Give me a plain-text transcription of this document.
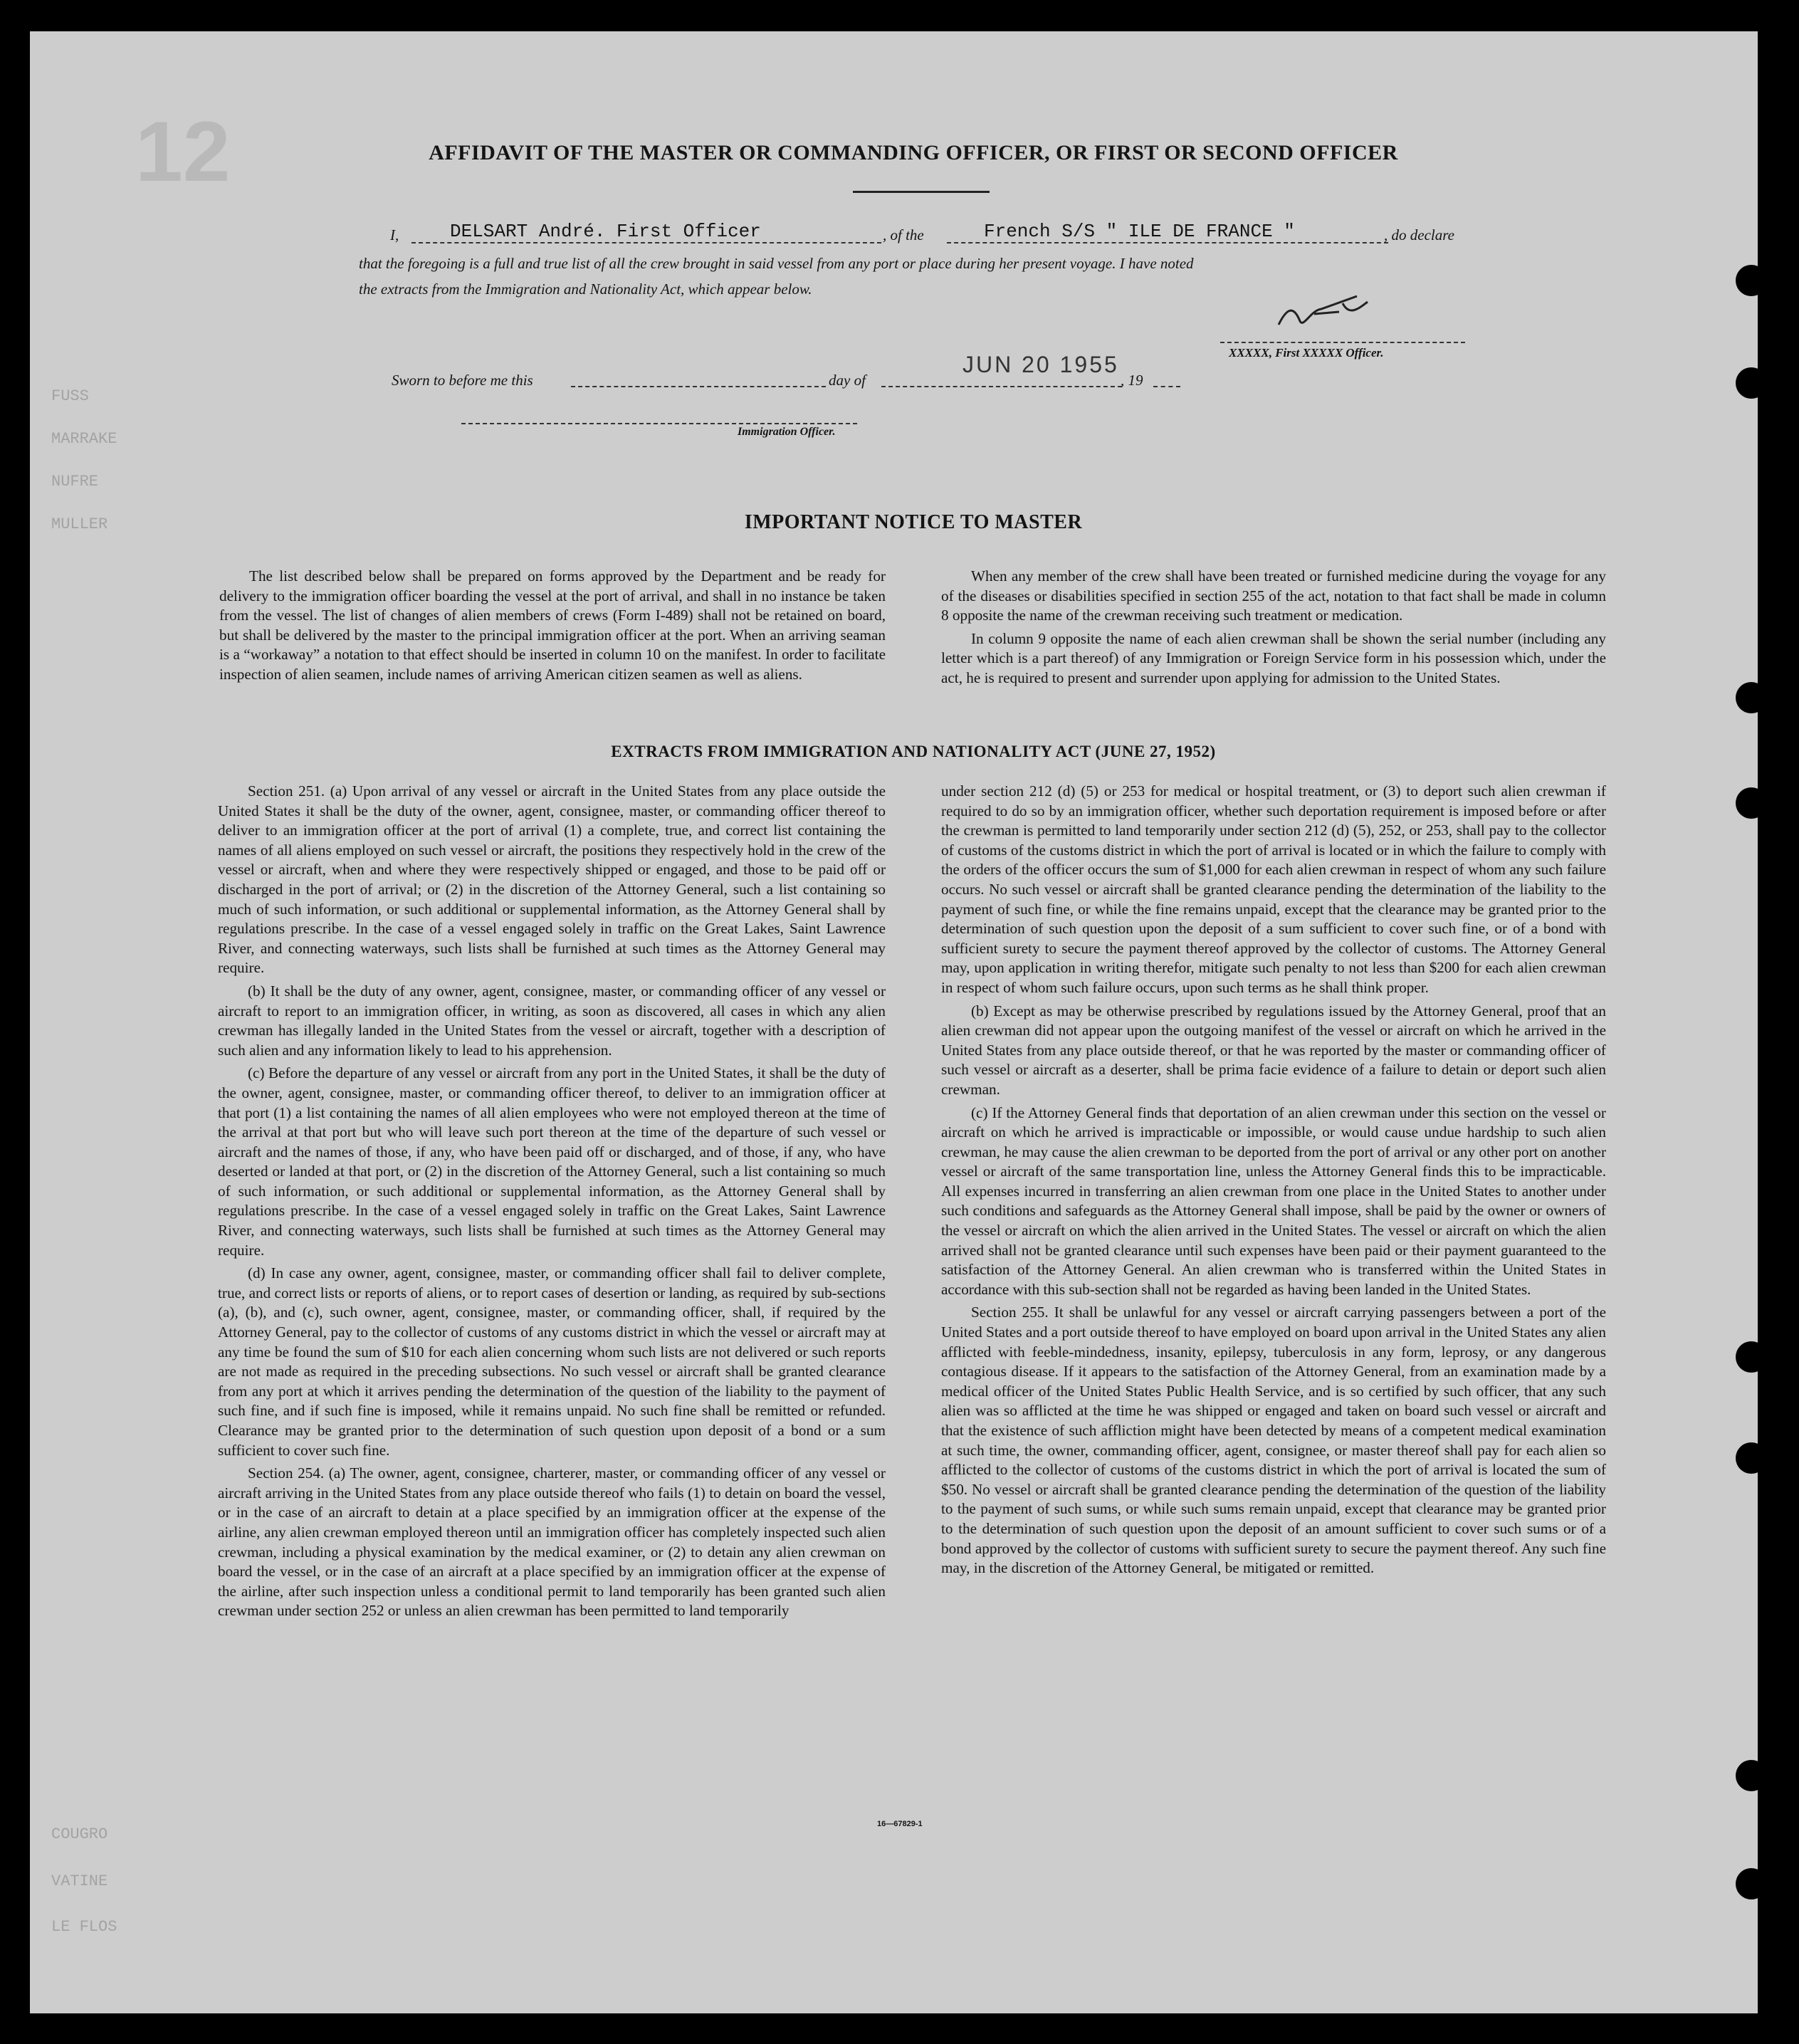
12
FUSS
MARRAKE
NUFRE
MULLER
COUGRO
VATINE
LE FLOS
AFFIDAVIT OF THE MASTER OR COMMANDING OFFICER, OR FIRST OR SECOND OFFICER
I,	DELSART André. First Officer	, of the	French S/S " ILE DE FRANCE "	, do declare
that the foregoing is a full and true list of all the crew brought in said vessel from any port or place during her present voyage. I have noted
the extracts from the Immigration and Nationality Act, which appear below.
XXXXX, First XXXXX Officer.
Sworn to before me this	day of
JUN 20 1955
, 19
Immigration Officer.
IMPORTANT NOTICE TO MASTER

The list described below shall be prepared on forms approved by the Department and be ready for delivery to the immigration officer boarding the vessel at the port of arrival, and shall in no instance be taken from the vessel. The list of changes of alien members of crews (Form I-489) shall not be retained on board, but shall be delivered by the master to the principal immigration officer at the port. When an arriving seaman is a “workaway” a notation to that effect should be inserted in column 10 on the manifest. In order to facilitate inspection of alien seamen, include names of arriving American citizen seamen as well as aliens.

When any member of the crew shall have been treated or furnished medicine during the voyage for any of the diseases or disabilities specified in section 255 of the act, notation to that fact shall be made in column 8 opposite the name of the crewman receiving such treatment or medication.

In column 9 opposite the name of each alien crewman shall be shown the serial number (including any letter which is a part thereof) of any Immigration or Foreign Service form in his possession which, under the act, he is required to present and surrender upon applying for admission to the United States.

EXTRACTS FROM IMMIGRATION AND NATIONALITY ACT (JUNE 27, 1952)

Section 251. (a) Upon arrival of any vessel or aircraft in the United States from any place outside the United States it shall be the duty of the owner, agent, consignee, master, or commanding officer thereof to deliver to an immigration officer at the port of arrival (1) a complete, true, and correct list containing the names of all aliens employed on such vessel or aircraft, the positions they respectively hold in the crew of the vessel or aircraft, when and where they were respectively shipped or engaged, and those to be paid off or discharged in the port of arrival; or (2) in the discretion of the Attorney General, such a list containing so much of such information, or such additional or supplemental information, as the Attorney General shall by regulations prescribe. In the case of a vessel engaged solely in traffic on the Great Lakes, Saint Lawrence River, and connecting waterways, such lists shall be furnished at such times as the Attorney General may require.

(b) It shall be the duty of any owner, agent, consignee, master, or commanding officer of any vessel or aircraft to report to an immigration officer, in writing, as soon as discovered, all cases in which any alien crewman has illegally landed in the United States from the vessel or aircraft, together with a description of such alien and any information likely to lead to his apprehension.

(c) Before the departure of any vessel or aircraft from any port in the United States, it shall be the duty of the owner, agent, consignee, master, or commanding officer thereof, to deliver to an immigration officer at that port (1) a list containing the names of all alien employees who were not employed thereon at the time of the arrival at that port but who will leave such port thereon at the time of the departure of such vessel or aircraft and the names of those, if any, who have been paid off or discharged, and of those, if any, who have deserted or landed at that port, or (2) in the discretion of the Attorney General, such a list containing so much of such information, or such additional or supplemental information, as the Attorney General shall by regulations prescribe. In the case of a vessel engaged solely in traffic on the Great Lakes, Saint Lawrence River, and connecting waterways, such lists shall be furnished at such times as the Attorney General may require.

(d) In case any owner, agent, consignee, master, or commanding officer shall fail to deliver complete, true, and correct lists or reports of aliens, or to report cases of desertion or landing, as required by sub-sections (a), (b), and (c), such owner, agent, consignee, master, or commanding officer, shall, if required by the Attorney General, pay to the collector of customs of any customs district in which the vessel or aircraft may at any time be found the sum of $10 for each alien concerning whom such lists are not delivered or such reports are not made as required in the preceding subsections. No such vessel or aircraft shall be granted clearance from any port at which it arrives pending the determination of the question of the liability to the payment of such fine, and if such fine is imposed, while it remains unpaid. No such fine shall be remitted or refunded. Clearance may be granted prior to the determination of such question upon deposit of a bond or a sum sufficient to cover such fine.

Section 254. (a) The owner, agent, consignee, charterer, master, or commanding officer of any vessel or aircraft arriving in the United States from any place outside thereof who fails (1) to detain on board the vessel, or in the case of an aircraft to detain at a place specified by an immigration officer at the expense of the airline, any alien crewman employed thereon until an immigration officer has completely inspected such alien crewman, including a physical examination by the medical examiner, or (2) to detain any alien crewman on board the vessel, or in the case of an aircraft at a place specified by an immigration officer at the expense of the airline, after such inspection unless a conditional permit to land temporarily has been granted such alien crewman under section 252 or unless an alien crewman has been permitted to land temporarily

under section 212 (d) (5) or 253 for medical or hospital treatment, or (3) to deport such alien crewman if required to do so by an immigration officer, whether such deportation requirement is imposed before or after the crewman is permitted to land temporarily under section 212 (d) (5), 252, or 253, shall pay to the collector of customs of the customs district in which the port of arrival is located or in which the failure to comply with the orders of the officer occurs the sum of $1,000 for each alien crewman in respect of whom any such failure occurs. No such vessel or aircraft shall be granted clearance pending the determination of the liability to the payment of such fine, or while the fine remains unpaid, except that the clearance may be granted prior to the determination of such question upon the deposit of a sum sufficient to cover such fine, or of a bond with sufficient surety to secure the payment thereof approved by the collector of customs. The Attorney General may, upon application in writing therefor, mitigate such penalty to not less than $200 for each alien crewman in respect of whom such failure occurs, upon such terms as he shall think proper.

(b) Except as may be otherwise prescribed by regulations issued by the Attorney General, proof that an alien crewman did not appear upon the outgoing manifest of the vessel or aircraft on which he arrived in the United States from any place outside thereof, or that he was reported by the master or commanding officer of such vessel or aircraft as a deserter, shall be prima facie evidence of a failure to detain or deport such alien crewman.

(c) If the Attorney General finds that deportation of an alien crewman under this section on the vessel or aircraft on which he arrived is impracticable or impossible, or would cause undue hardship to such alien crewman, he may cause the alien crewman to be deported from the port of arrival or any other port on another vessel or aircraft of the same transportation line, unless the Attorney General finds this to be impracticable. All expenses incurred in transferring an alien crewman from one place in the United States to another under such conditions and safeguards as the Attorney General shall impose, shall be paid by the owner or owners of the vessel or aircraft on which the alien arrived in the United States. The vessel or aircraft on which the alien arrived shall not be granted clearance until such expenses have been paid or their payment guaranteed to the satisfaction of the Attorney General. An alien crewman who is transferred within the United States in accordance with this sub-section shall not be regarded as having been landed in the United States.

Section 255. It shall be unlawful for any vessel or aircraft carrying passengers between a port of the United States and a port outside thereof to have employed on board upon arrival in the United States any alien afflicted with feeble-mindedness, insanity, epilepsy, tuberculosis in any form, leprosy, or any dangerous contagious disease. If it appears to the satisfaction of the Attorney General, from an examination made by a medical officer of the United States Public Health Service, and is so certified by such officer, that any such alien was so afflicted at the time he was shipped or engaged and taken on board such vessel or aircraft and that the existence of such affliction might have been detected by means of a competent medical examination at such time, the owner, commanding officer, agent, consignee, or master thereof shall pay for each alien so afflicted to the collector of customs of the customs district in which the port of arrival is located the sum of $50. No vessel or aircraft shall be granted clearance pending the determination of the question of the liability to the payment of such sums, or while such sums remain unpaid, except that clearance may be granted prior to the determination of such question upon the deposit of an amount sufficient to cover such sums or of a bond approved by the collector of customs with sufficient surety to secure the payment thereof. Any such fine may, in the discretion of the Attorney General, be mitigated or remitted.

16—67829-1
